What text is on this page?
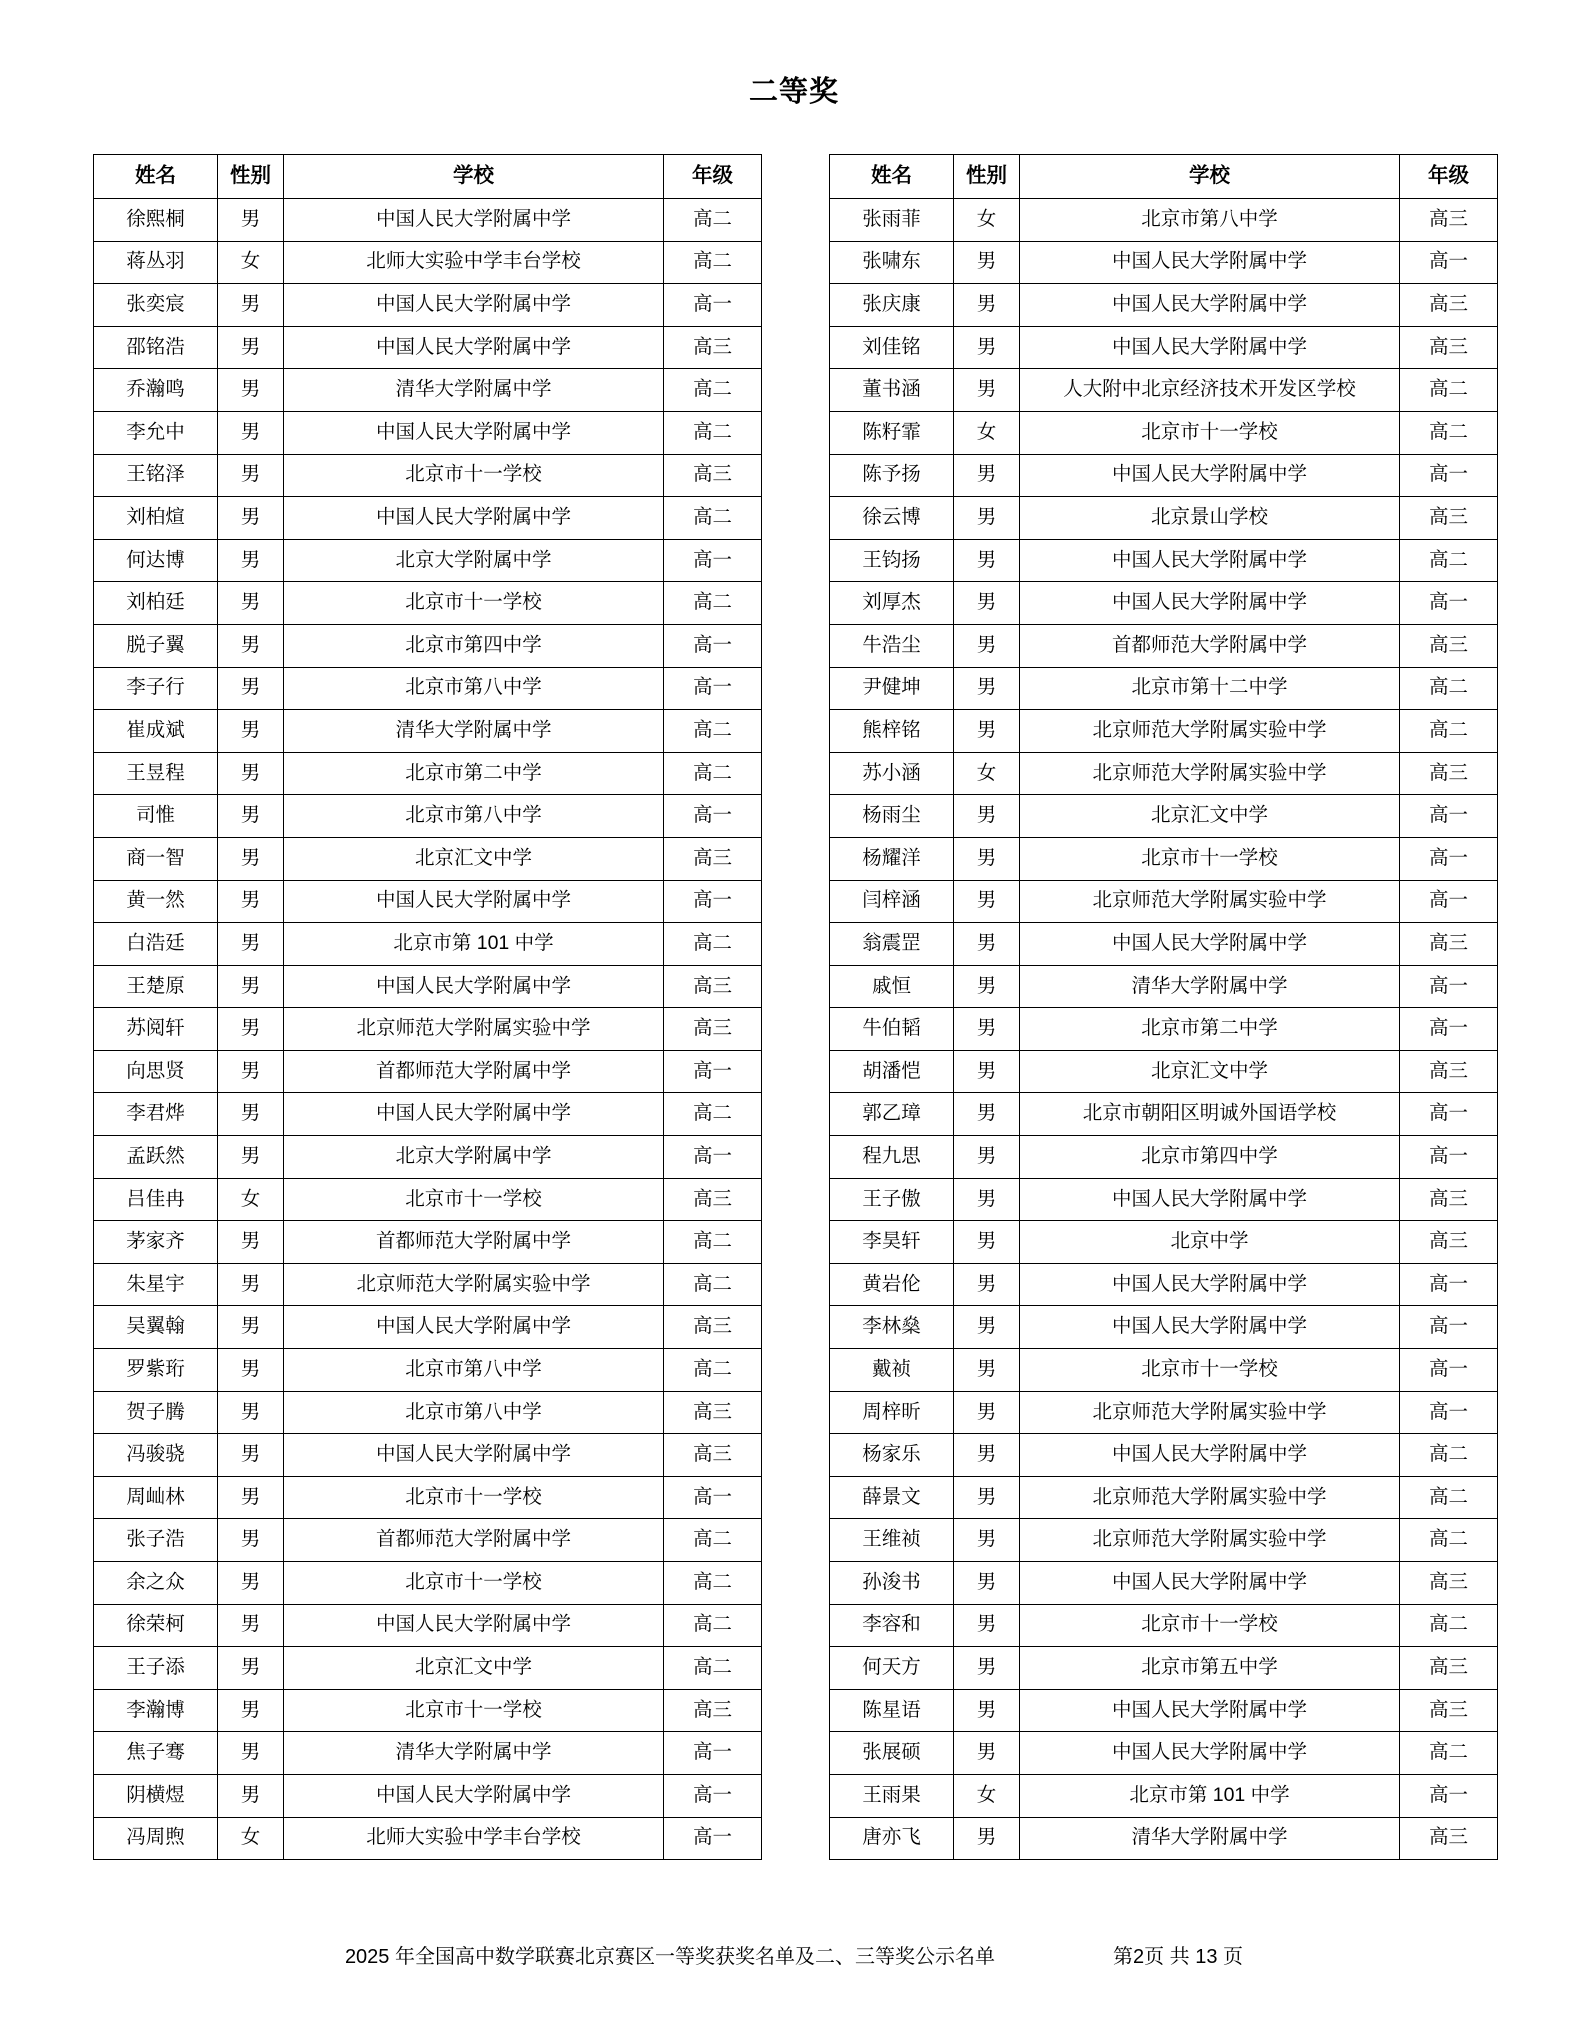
二等奖
姓名	性别	学校	年级
徐熙桐	男	中国人民大学附属中学	高二
蒋丛羽	女	北师大实验中学丰台学校	高二
张奕宸	男	中国人民大学附属中学	高一
邵铭浩	男	中国人民大学附属中学	高三
乔瀚鸣	男	清华大学附属中学	高二
李允中	男	中国人民大学附属中学	高二
王铭泽	男	北京市十一学校	高三
刘柏煊	男	中国人民大学附属中学	高二
何达博	男	北京大学附属中学	高一
刘柏廷	男	北京市十一学校	高二
脱子翼	男	北京市第四中学	高一
李子行	男	北京市第八中学	高一
崔成斌	男	清华大学附属中学	高二
王昱程	男	北京市第二中学	高二
司惟	男	北京市第八中学	高一
商一智	男	北京汇文中学	高三
黄一然	男	中国人民大学附属中学	高一
白浩廷	男	北京市第 101 中学	高二
王楚原	男	中国人民大学附属中学	高三
苏阅轩	男	北京师范大学附属实验中学	高三
向思贤	男	首都师范大学附属中学	高一
李君烨	男	中国人民大学附属中学	高二
孟跃然	男	北京大学附属中学	高一
吕佳冉	女	北京市十一学校	高三
茅家齐	男	首都师范大学附属中学	高二
朱星宇	男	北京师范大学附属实验中学	高二
吴翼翰	男	中国人民大学附属中学	高三
罗紫珩	男	北京市第八中学	高二
贺子腾	男	北京市第八中学	高三
冯骏骁	男	中国人民大学附属中学	高三
周屾林	男	北京市十一学校	高一
张子浩	男	首都师范大学附属中学	高二
余之众	男	北京市十一学校	高二
徐荣柯	男	中国人民大学附属中学	高二
王子添	男	北京汇文中学	高二
李瀚博	男	北京市十一学校	高三
焦子骞	男	清华大学附属中学	高一
阴横煜	男	中国人民大学附属中学	高一
冯周煦	女	北师大实验中学丰台学校	高一
姓名	性别	学校	年级
张雨菲	女	北京市第八中学	高三
张啸东	男	中国人民大学附属中学	高一
张庆康	男	中国人民大学附属中学	高三
刘佳铭	男	中国人民大学附属中学	高三
董书涵	男	人大附中北京经济技术开发区学校	高二
陈籽霏	女	北京市十一学校	高二
陈予扬	男	中国人民大学附属中学	高一
徐云博	男	北京景山学校	高三
王钧扬	男	中国人民大学附属中学	高二
刘厚杰	男	中国人民大学附属中学	高一
牛浩尘	男	首都师范大学附属中学	高三
尹健坤	男	北京市第十二中学	高二
熊梓铭	男	北京师范大学附属实验中学	高二
苏小涵	女	北京师范大学附属实验中学	高三
杨雨尘	男	北京汇文中学	高一
杨耀洋	男	北京市十一学校	高一
闫梓涵	男	北京师范大学附属实验中学	高一
翁震罡	男	中国人民大学附属中学	高三
戚恒	男	清华大学附属中学	高一
牛伯韬	男	北京市第二中学	高一
胡潘恺	男	北京汇文中学	高三
郭乙璋	男	北京市朝阳区明诚外国语学校	高一
程九思	男	北京市第四中学	高一
王子傲	男	中国人民大学附属中学	高三
李昊轩	男	北京中学	高三
黄岩伦	男	中国人民大学附属中学	高一
李林燊	男	中国人民大学附属中学	高一
戴祯	男	北京市十一学校	高一
周梓昕	男	北京师范大学附属实验中学	高一
杨家乐	男	中国人民大学附属中学	高二
薛景文	男	北京师范大学附属实验中学	高二
王维祯	男	北京师范大学附属实验中学	高二
孙浚书	男	中国人民大学附属中学	高三
李容和	男	北京市十一学校	高二
何天方	男	北京市第五中学	高三
陈星语	男	中国人民大学附属中学	高三
张展硕	男	中国人民大学附属中学	高二
王雨果	女	北京市第 101 中学	高一
唐亦飞	男	清华大学附属中学	高三
2025 年全国高中数学联赛北京赛区一等奖获奖名单及二、三等奖公示名单	第2页 共 13 页
